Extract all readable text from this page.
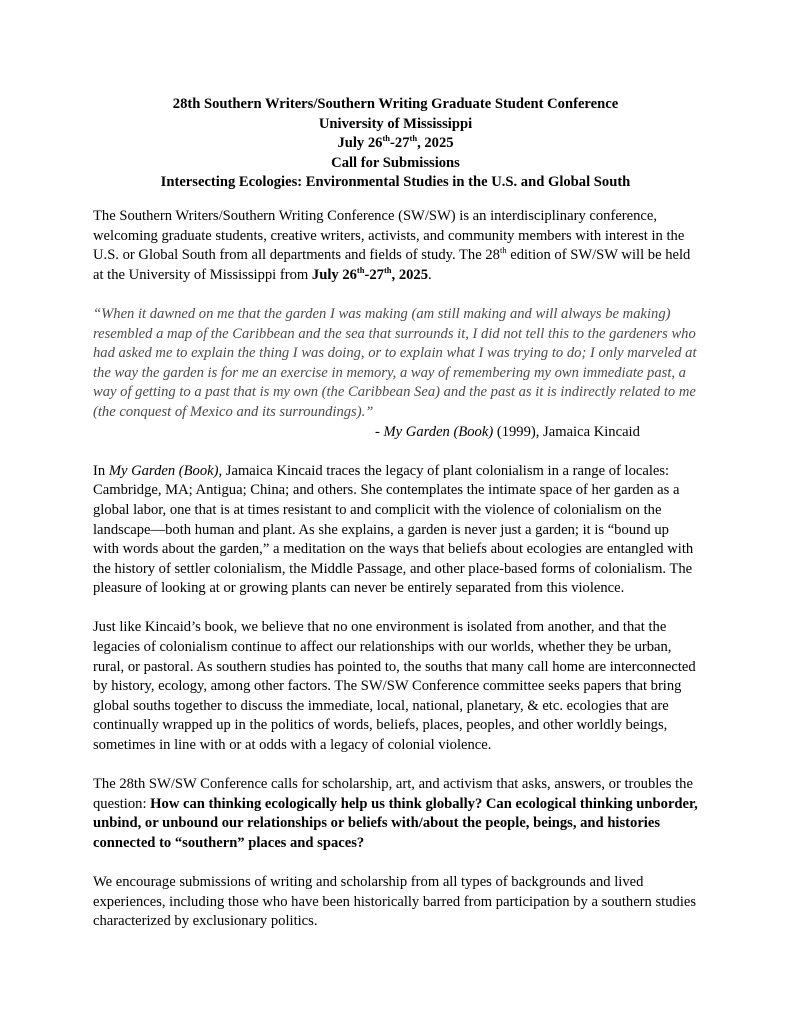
28th Southern Writers/Southern Writing Graduate Student Conference
University of Mississippi
July 26th-27th, 2025
Call for Submissions
Intersecting Ecologies: Environmental Studies in the U.S. and Global South

The Southern Writers/Southern Writing Conference (SW/SW) is an interdisciplinary conference, welcoming graduate students, creative writers, activists, and community members with interest in the U.S. or Global South from all departments and fields of study. The 28th edition of SW/SW will be held at the University of Mississippi from July 26th-27th, 2025.

“When it dawned on me that the garden I was making (am still making and will always be making) resembled a map of the Caribbean and the sea that surrounds it, I did not tell this to the gardeners who had asked me to explain the thing I was doing, or to explain what I was trying to do; I only marveled at the way the garden is for me an exercise in memory, a way of remembering my own immediate past, a way of getting to a past that is my own (the Caribbean Sea) and the past as it is indirectly related to me (the conquest of Mexico and its surroundings).”

- My Garden (Book) (1999), Jamaica Kincaid

In My Garden (Book), Jamaica Kincaid traces the legacy of plant colonialism in a range of locales: Cambridge, MA; Antigua; China; and others. She contemplates the intimate space of her garden as a global labor, one that is at times resistant to and complicit with the violence of colonialism on the landscape—both human and plant. As she explains, a garden is never just a garden; it is “bound up with words about the garden,” a meditation on the ways that beliefs about ecologies are entangled with the history of settler colonialism, the Middle Passage, and other place-based forms of colonialism. The pleasure of looking at or growing plants can never be entirely separated from this violence.

Just like Kincaid’s book, we believe that no one environment is isolated from another, and that the legacies of colonialism continue to affect our relationships with our worlds, whether they be urban, rural, or pastoral. As southern studies has pointed to, the souths that many call home are interconnected by history, ecology, among other factors. The SW/SW Conference committee seeks papers that bring global souths together to discuss the immediate, local, national, planetary, & etc. ecologies that are continually wrapped up in the politics of words, beliefs, places, peoples, and other worldly beings, sometimes in line with or at odds with a legacy of colonial violence.

The 28th SW/SW Conference calls for scholarship, art, and activism that asks, answers, or troubles the question: How can thinking ecologically help us think globally? Can ecological thinking unborder, unbind, or unbound our relationships or beliefs with/about the people, beings, and histories connected to “southern” places and spaces?

We encourage submissions of writing and scholarship from all types of backgrounds and lived experiences, including those who have been historically barred from participation by a southern studies characterized by exclusionary politics.
